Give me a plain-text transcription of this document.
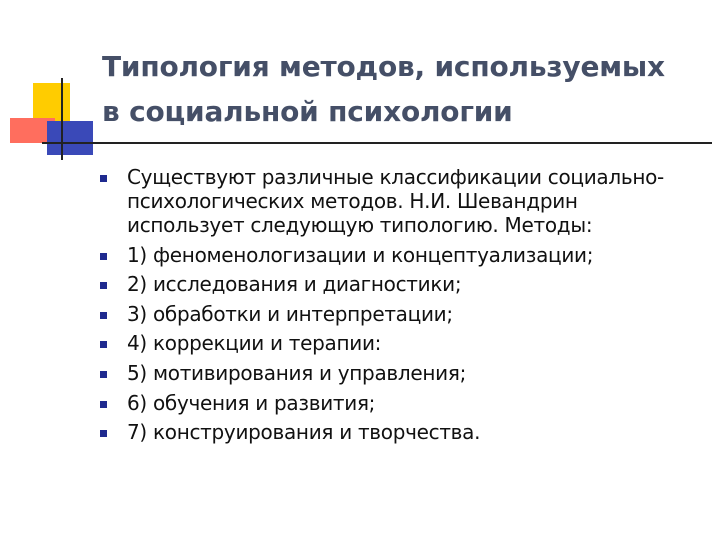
Типология методов, используемых
в социальной психологии
Существуют различные классификации социально-
психологических методов. Н.И. Шевандрин
использует следующую типологию. Методы:
1) феноменологизации и концептуализации;
2) исследования и диагностики;
3) обработки и интерпретации;
4) коррекции и терапии:
5) мотивирования и управления;
6) обучения и развития;
7) конструирования и творчества.
